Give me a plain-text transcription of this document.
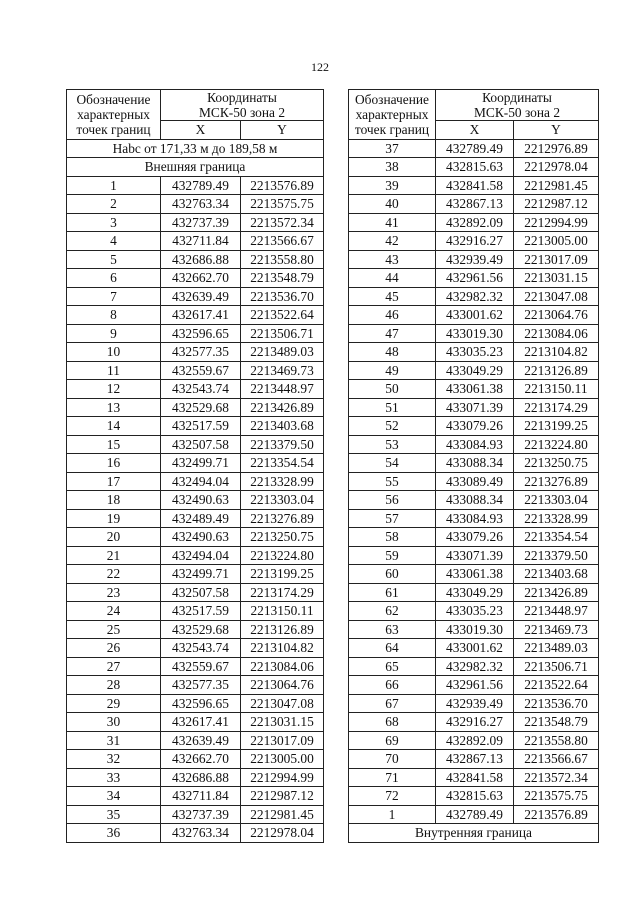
122
Обозначение
характерных
точек границ	Координаты
МСК-50 зона 2	

	X	Y
Нabс от 171,33 м до 189,58 м		
Внешняя граница		
1	432789.49	2213576.89
2	432763.34	2213575.75
3	432737.39	2213572.34
4	432711.84	2213566.67
5	432686.88	2213558.80
6	432662.70	2213548.79
7	432639.49	2213536.70
8	432617.41	2213522.64
9	432596.65	2213506.71
10	432577.35	2213489.03
11	432559.67	2213469.73
12	432543.74	2213448.97
13	432529.68	2213426.89
14	432517.59	2213403.68
15	432507.58	2213379.50
16	432499.71	2213354.54
17	432494.04	2213328.99
18	432490.63	2213303.04
19	432489.49	2213276.89
20	432490.63	2213250.75
21	432494.04	2213224.80
22	432499.71	2213199.25
23	432507.58	2213174.29
24	432517.59	2213150.11
25	432529.68	2213126.89
26	432543.74	2213104.82
27	432559.67	2213084.06
28	432577.35	2213064.76
29	432596.65	2213047.08
30	432617.41	2213031.15
31	432639.49	2213017.09
32	432662.70	2213005.00
33	432686.88	2212994.99
34	432711.84	2212987.12
35	432737.39	2212981.45
36	432763.34	2212978.04
Обозначение
характерных
точек границ	Координаты
МСК-50 зона 2	

	X	Y
37	432789.49	2212976.89
38	432815.63	2212978.04
39	432841.58	2212981.45
40	432867.13	2212987.12
41	432892.09	2212994.99
42	432916.27	2213005.00
43	432939.49	2213017.09
44	432961.56	2213031.15
45	432982.32	2213047.08
46	433001.62	2213064.76
47	433019.30	2213084.06
48	433035.23	2213104.82
49	433049.29	2213126.89
50	433061.38	2213150.11
51	433071.39	2213174.29
52	433079.26	2213199.25
53	433084.93	2213224.80
54	433088.34	2213250.75
55	433089.49	2213276.89
56	433088.34	2213303.04
57	433084.93	2213328.99
58	433079.26	2213354.54
59	433071.39	2213379.50
60	433061.38	2213403.68
61	433049.29	2213426.89
62	433035.23	2213448.97
63	433019.30	2213469.73
64	433001.62	2213489.03
65	432982.32	2213506.71
66	432961.56	2213522.64
67	432939.49	2213536.70
68	432916.27	2213548.79
69	432892.09	2213558.80
70	432867.13	2213566.67
71	432841.58	2213572.34
72	432815.63	2213575.75
1	432789.49	2213576.89
Внутренняя граница		
